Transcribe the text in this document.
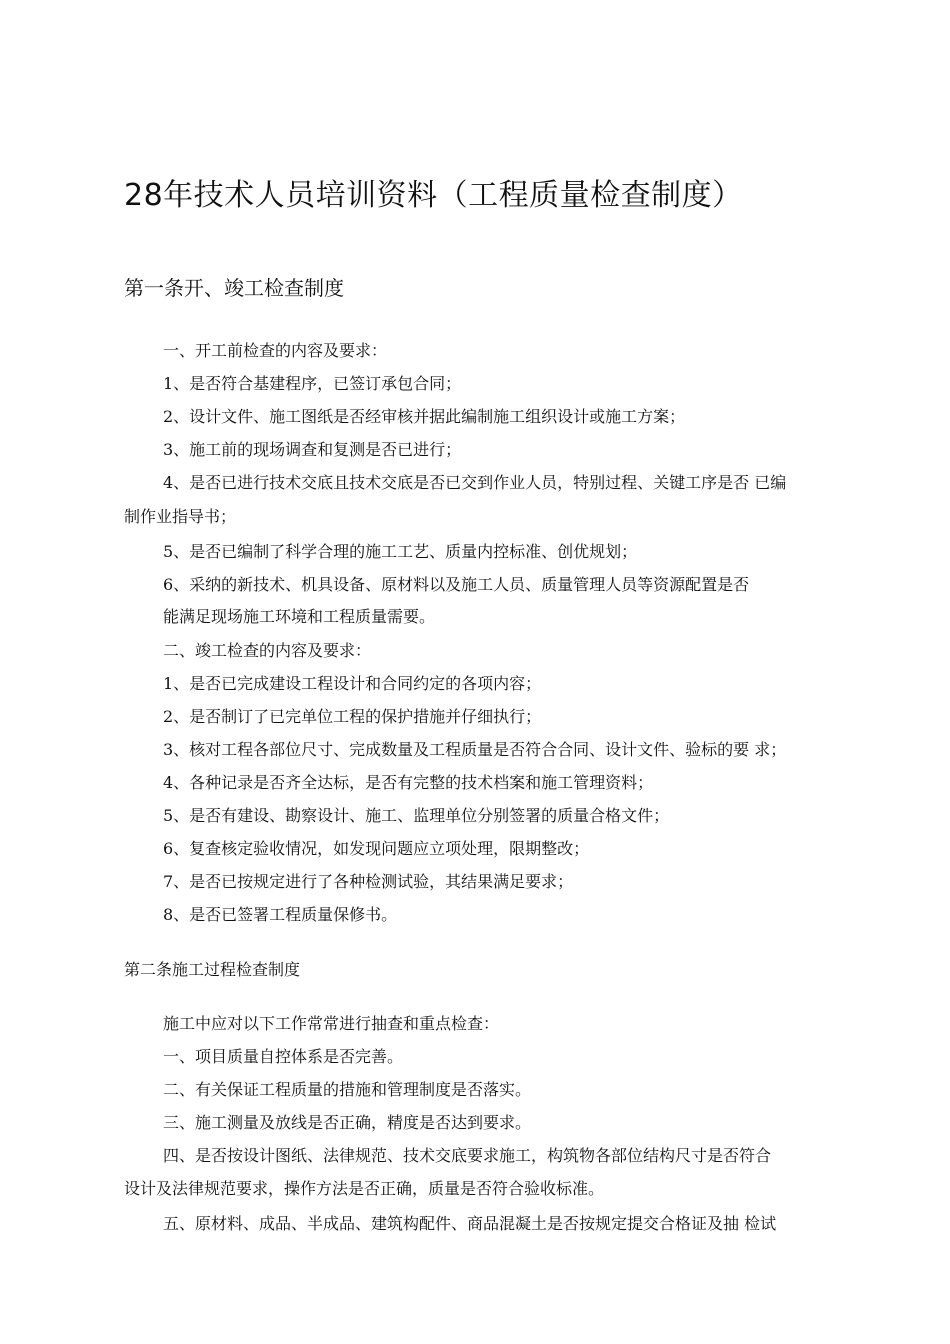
28年技术人员培训资料（工程质量检查制度）
第一条开、竣工检查制度
一、开工前检查的内容及要求：
1、是否符合基建程序，已签订承包合同；
2、设计文件、施工图纸是否经审核并据此编制施工组织设计或施工方案；
3、施工前的现场调查和复测是否已进行；
4、是否已进行技术交底且技术交底是否已交到作业人员，特别过程、关键工序是否 已编
制作业指导书；
5、是否已编制了科学合理的施工工艺、质量内控标准、创优规划；
6、采纳的新技术、机具设备、原材料以及施工人员、质量管理人员等资源配置是否
能满足现场施工环境和工程质量需要。
二、竣工检查的内容及要求：
1、是否已完成建设工程设计和合同约定的各项内容；
2、是否制订了已完单位工程的保护措施并仔细执行；
3、核对工程各部位尺寸、完成数量及工程质量是否符合合同、设计文件、验标的要 求；
4、各种记录是否齐全达标，是否有完整的技术档案和施工管理资料；
5、是否有建设、勘察设计、施工、监理单位分别签署的质量合格文件；
6、复查核定验收情况，如发现问题应立项处理，限期整改；
7、是否已按规定进行了各种检测试验，其结果满足要求；
8、是否已签署工程质量保修书。
第二条施工过程检查制度
施工中应对以下工作常常进行抽查和重点检查：
一、项目质量自控体系是否完善。
二、有关保证工程质量的措施和管理制度是否落实。
三、施工测量及放线是否正确，精度是否达到要求。
四、是否按设计图纸、法律规范、技术交底要求施工，构筑物各部位结构尺寸是否符合
设计及法律规范要求，操作方法是否正确，质量是否符合验收标准。
五、原材料、成品、半成品、建筑构配件、商品混凝土是否按规定提交合格证及抽 检试
